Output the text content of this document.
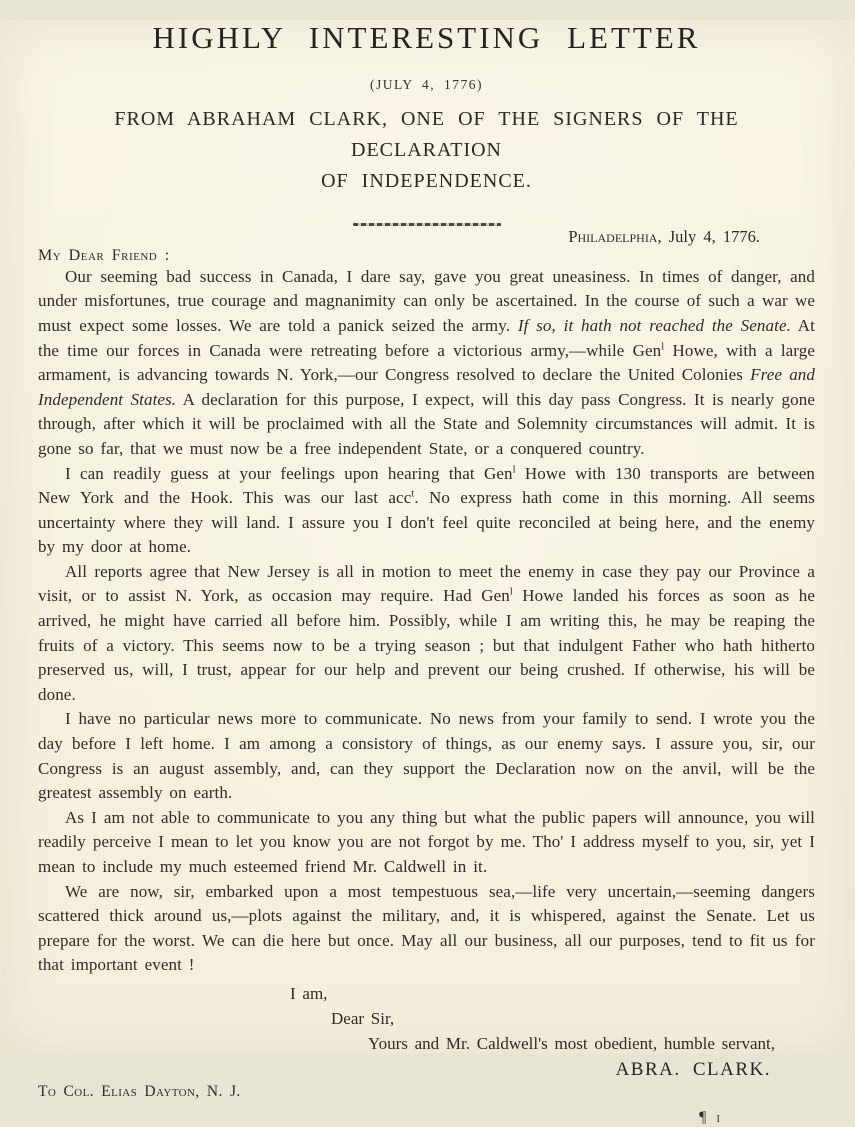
HIGHLY INTERESTING LETTER
(JULY 4, 1776)
FROM ABRAHAM CLARK, ONE OF THE SIGNERS OF THE DECLARATION
OF INDEPENDENCE.
Philadelphia, July 4, 1776.
My Dear Friend :

Our seeming bad success in Canada, I dare say, gave you great uneasiness. In times of danger, and under misfortunes, true courage and magnanimity can only be ascertained. In the course of such a war we must expect some losses. We are told a panick seized the army. If so, it hath not reached the Senate. At the time our forces in Canada were retreating before a victorious army,—while Gen$^l$ Howe, with a large armament, is advancing towards N. York,—our Congress resolved to declare the United Colonies Free and Independent States. A declaration for this purpose, I expect, will this day pass Congress. It is nearly gone through, after which it will be proclaimed with all the State and Solemnity circumstances will admit. It is gone so far, that we must now be a free independent State, or a conquered country.

I can readily guess at your feelings upon hearing that Gen$^l$ Howe with 130 transports are between New York and the Hook. This was our last acc$^t$. No express hath come in this morning. All seems uncertainty where they will land. I assure you I don't feel quite reconciled at being here, and the enemy by my door at home.

All reports agree that New Jersey is all in motion to meet the enemy in case they pay our Province a visit, or to assist N. York, as occasion may require. Had Gen$^l$ Howe landed his forces as soon as he arrived, he might have carried all before him. Possibly, while I am writing this, he may be reaping the fruits of a victory. This seems now to be a trying season ; but that indulgent Father who hath hitherto preserved us, will, I trust, appear for our help and prevent our being crushed. If otherwise, his will be done.

I have no particular news more to communicate. No news from your family to send. I wrote you the day before I left home. I am among a consistory of things, as our enemy says. I assure you, sir, our Congress is an august assembly, and, can they support the Declaration now on the anvil, will be the greatest assembly on earth.

As I am not able to communicate to you any thing but what the public papers will announce, you will readily perceive I mean to let you know you are not forgot by me. Tho' I address myself to you, sir, yet I mean to include my much esteemed friend Mr. Caldwell in it.

We are now, sir, embarked upon a most tempestuous sea,—life very uncertain,—seeming dangers scattered thick around us,—plots against the military, and, it is whispered, against the Senate. Let us prepare for the worst. We can die here but once. May all our business, all our purposes, tend to fit us for that important event !

I am,
Dear Sir,
Yours and Mr. Caldwell's most obedient, humble servant,
ABRA. CLARK.
To Col. Elias Dayton, N. J.
¶ i
